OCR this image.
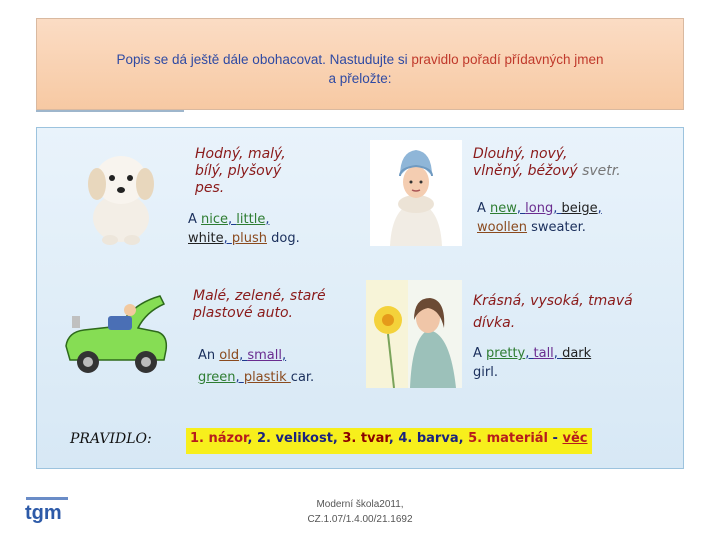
Popis se dá ještě dále obohacovat. Nastudujte si pravidlo pořadí přídavných jmen
a přeložte:
Hodný, malý,
bílý, plyšový
pes.
A nice, little,
white, plush dog.
Dlouhý, nový,
vlněný, béžový svetr.
A new, long, beige,
woollen sweater.
Malé, zelené, staré
plastové auto.
An old, small,
green, plastik car.
Krásná, vysoká, tmavá
dívka.
A pretty, tall, dark
girl.
PRAVIDLO:	1. názor, 2. velikost, 3. tvar, 4. barva, 5. materiál - věc
tgm	Moderní škola2011,
CZ.1.07/1.4.00/21.1692
